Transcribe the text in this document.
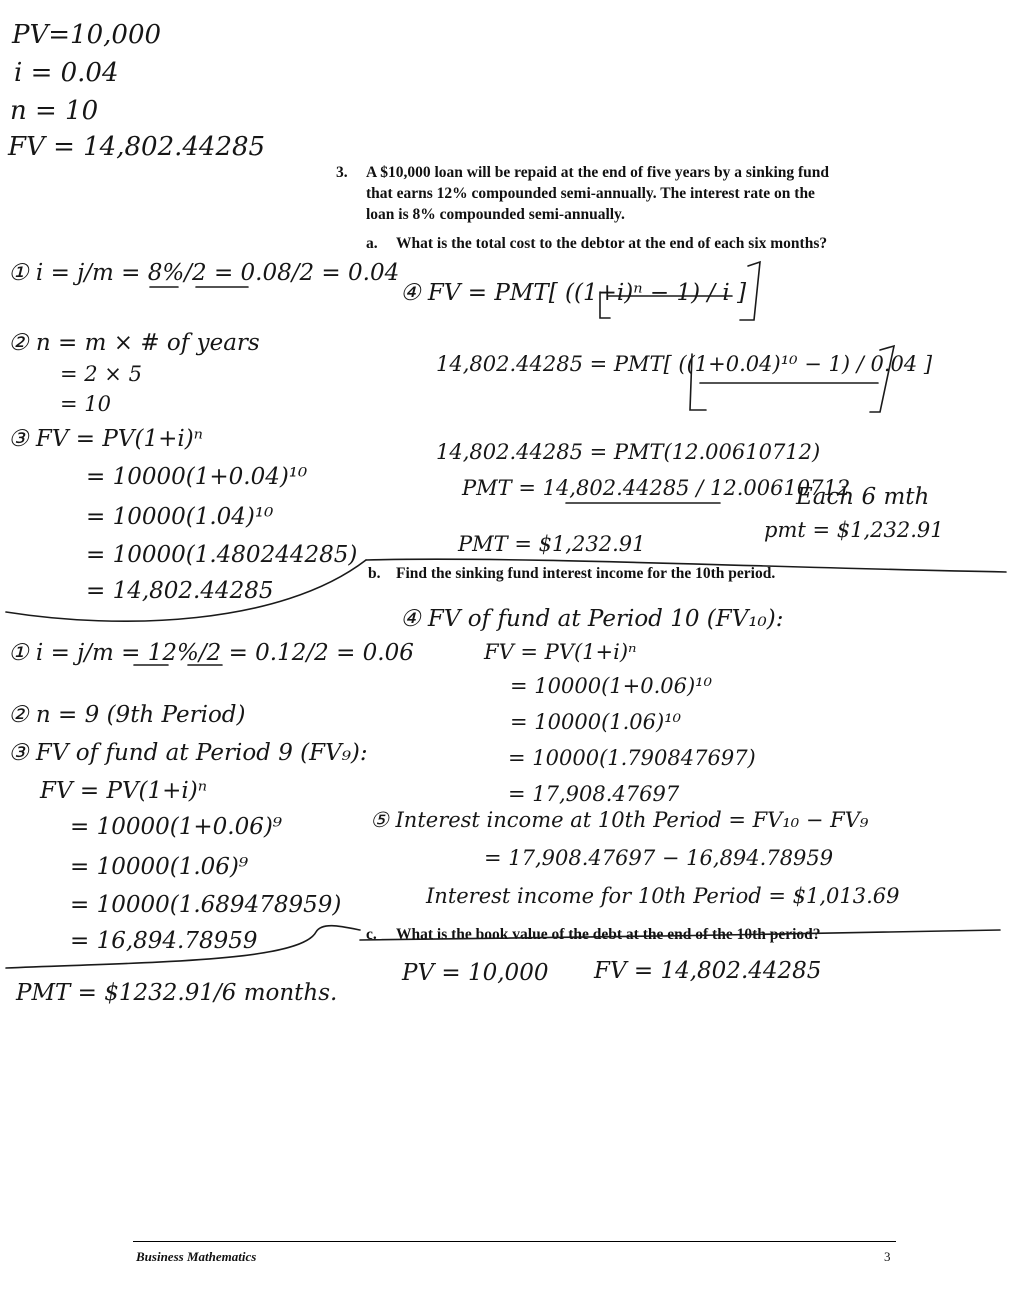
PV=10,000
i = 0.04
n = 10
FV = 14,802.44285
3. A $10,000 loan will be repaid at the end of five years by a sinking fund
that earns 12% compounded semi-annually. The interest rate on the
loan is 8% compounded semi-annually.
a. What is the total cost to the debtor at the end of each six months?
① i = j/m = 8%/2 = 0.08/2 = 0.04
② n = m × # of years
= 2 × 5
= 10
③ FV = PV(1+i)ⁿ
= 10000(1+0.04)¹⁰
= 10000(1.04)¹⁰
= 10000(1.480244285)
= 14,802.44285
④ FV = PMT[ ((1+i)ⁿ − 1) / i ]
14,802.44285 = PMT[ ((1+0.04)¹⁰ − 1) / 0.04 ]
14,802.44285 = PMT(12.00610712)
PMT = 14,802.44285 / 12.00610712
PMT = $1,232.91
Each 6 mth
pmt = $1,232.91
b. Find the sinking fund interest income for the 10th period.
① i = j/m = 12%/2 = 0.12/2 = 0.06
② n = 9 (9th Period)
③ FV of fund at Period 9 (FV₉):
FV = PV(1+i)ⁿ
= 10000(1+0.06)⁹
= 10000(1.06)⁹
= 10000(1.689478959)
= 16,894.78959
④ FV of fund at Period 10 (FV₁₀):
FV = PV(1+i)ⁿ
= 10000(1+0.06)¹⁰
= 10000(1.06)¹⁰
= 10000(1.790847697)
= 17,908.47697
⑤ Interest income at 10th Period = FV₁₀ − FV₉
= 17,908.47697 − 16,894.78959
Interest income for 10th Period = $1,013.69
c. What is the book value of the debt at the end of the 10th period?
PMT = $1232.91/6 months.
PV = 10,000 FV = 14,802.44285
Business Mathematics	3
